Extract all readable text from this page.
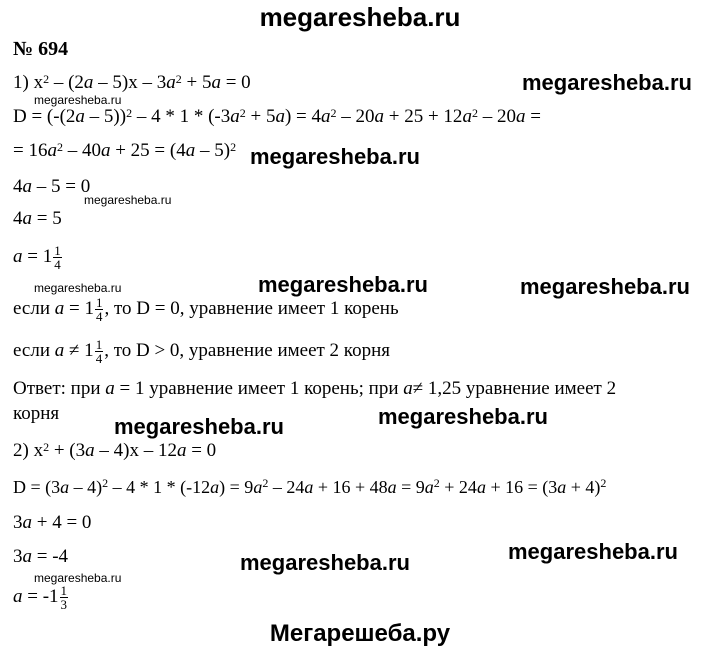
megaresheba.ru
№ 694
1) $x^2 - (2a - 5)x - 3a^2 + 5a = 0$
$D = (-(2a - 5))^2 - 4 * 1 * (-3a^2 + 5a) = 4a^2 - 20a + 25 + 12a^2 - 20a$ =
= $16a^2 - 40a + 25 = (4a - 5)^2$
4a – 5 = 0
4a = 5
$a = 1 \frac{1}{4}$
если $a = 1 \frac{1}{4}$ , то D = 0, уравнение имеет 1 корень
если $a \ne 1 \frac{1}{4}$ , то D > 0, уравнение имеет 2 корня
Ответ: при a = 1 уравнение имеет 1 корень; при a≠ 1,25 уравнение имеет 2
корня
2) $x^2 + (3a - 4)x - 12a = 0$
$D = (3a - 4)^2 - 4 * 1 * (-12a) = 9a^2 - 24a + 16 + 48a = 9a^2 + 24a + 16 = (3a + 4)^2$
3a + 4 = 0
3a = -4
$a = -1 \frac{1}{3}$
megaresheba.ru
megaresheba.ru
megaresheba.ru
megaresheba.ru
megaresheba.ru	megaresheba.ru	megaresheba.ru
megaresheba.ru	megaresheba.ru
megaresheba.ru	megaresheba.ru
megaresheba.ru
Мегарешеба.ру
